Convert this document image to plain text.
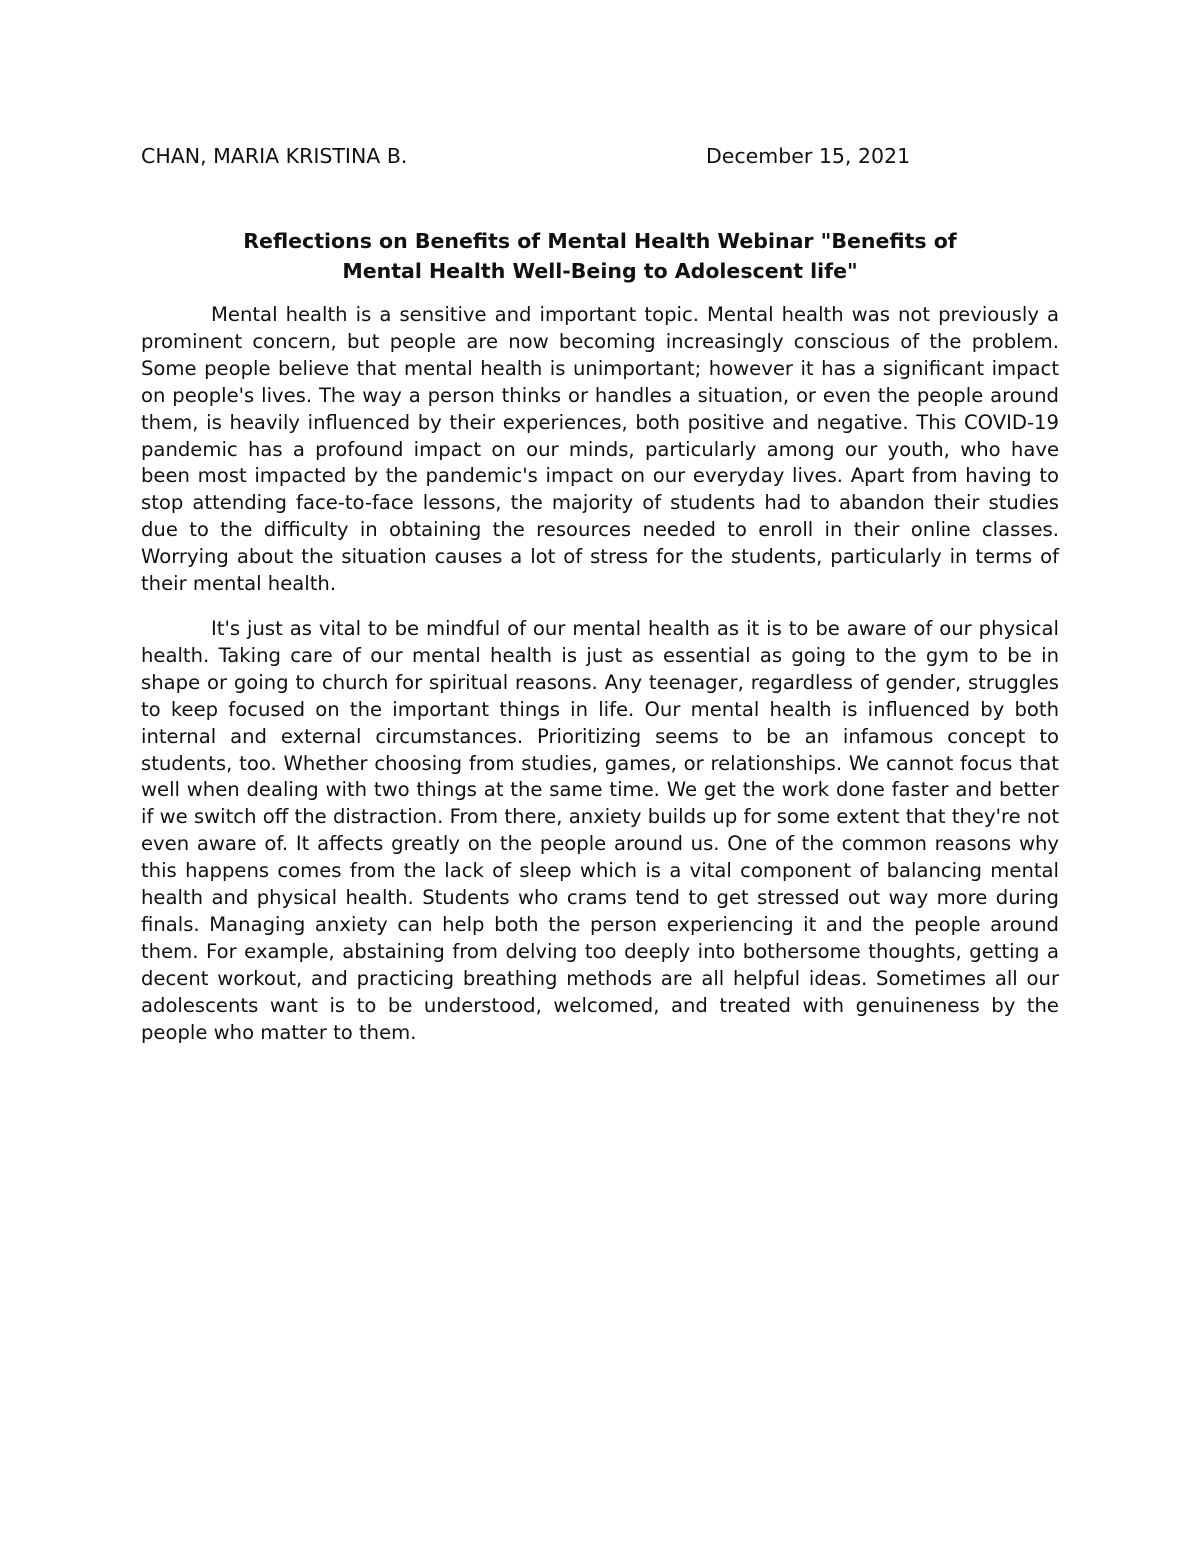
CHAN, MARIA KRISTINA B.	December 15, 2021
Reflections on Benefits of Mental Health Webinar "Benefits of
Mental Health Well-Being to Adolescent life"

Mental health is a sensitive and important topic. Mental health was not previously a prominent concern, but people are now becoming increasingly conscious of the problem. Some people believe that mental health is unimportant; however it has a significant impact on people's lives. The way a person thinks or handles a situation, or even the people around them, is heavily influenced by their experiences, both positive and negative. This COVID-19 pandemic has a profound impact on our minds, particularly among our youth, who have been most impacted by the pandemic's impact on our everyday lives. Apart from having to stop attending face-to-face lessons, the majority of students had to abandon their studies due to the difficulty in obtaining the resources needed to enroll in their online classes. Worrying about the situation causes a lot of stress for the students, particularly in terms of their mental health.

It's just as vital to be mindful of our mental health as it is to be aware of our physical health. Taking care of our mental health is just as essential as going to the gym to be in shape or going to church for spiritual reasons. Any teenager, regardless of gender, struggles to keep focused on the important things in life. Our mental health is influenced by both internal and external circumstances. Prioritizing seems to be an infamous concept to students, too. Whether choosing from studies, games, or relationships. We cannot focus that well when dealing with two things at the same time. We get the work done faster and better if we switch off the distraction. From there, anxiety builds up for some extent that they're not even aware of. It affects greatly on the people around us. One of the common reasons why this happens comes from the lack of sleep which is a vital component of balancing mental health and physical health. Students who crams tend to get stressed out way more during finals. Managing anxiety can help both the person experiencing it and the people around them. For example, abstaining from delving too deeply into bothersome thoughts, getting a decent workout, and practicing breathing methods are all helpful ideas. Sometimes all our adolescents want is to be understood, welcomed, and treated with genuineness by the people who matter to them.
